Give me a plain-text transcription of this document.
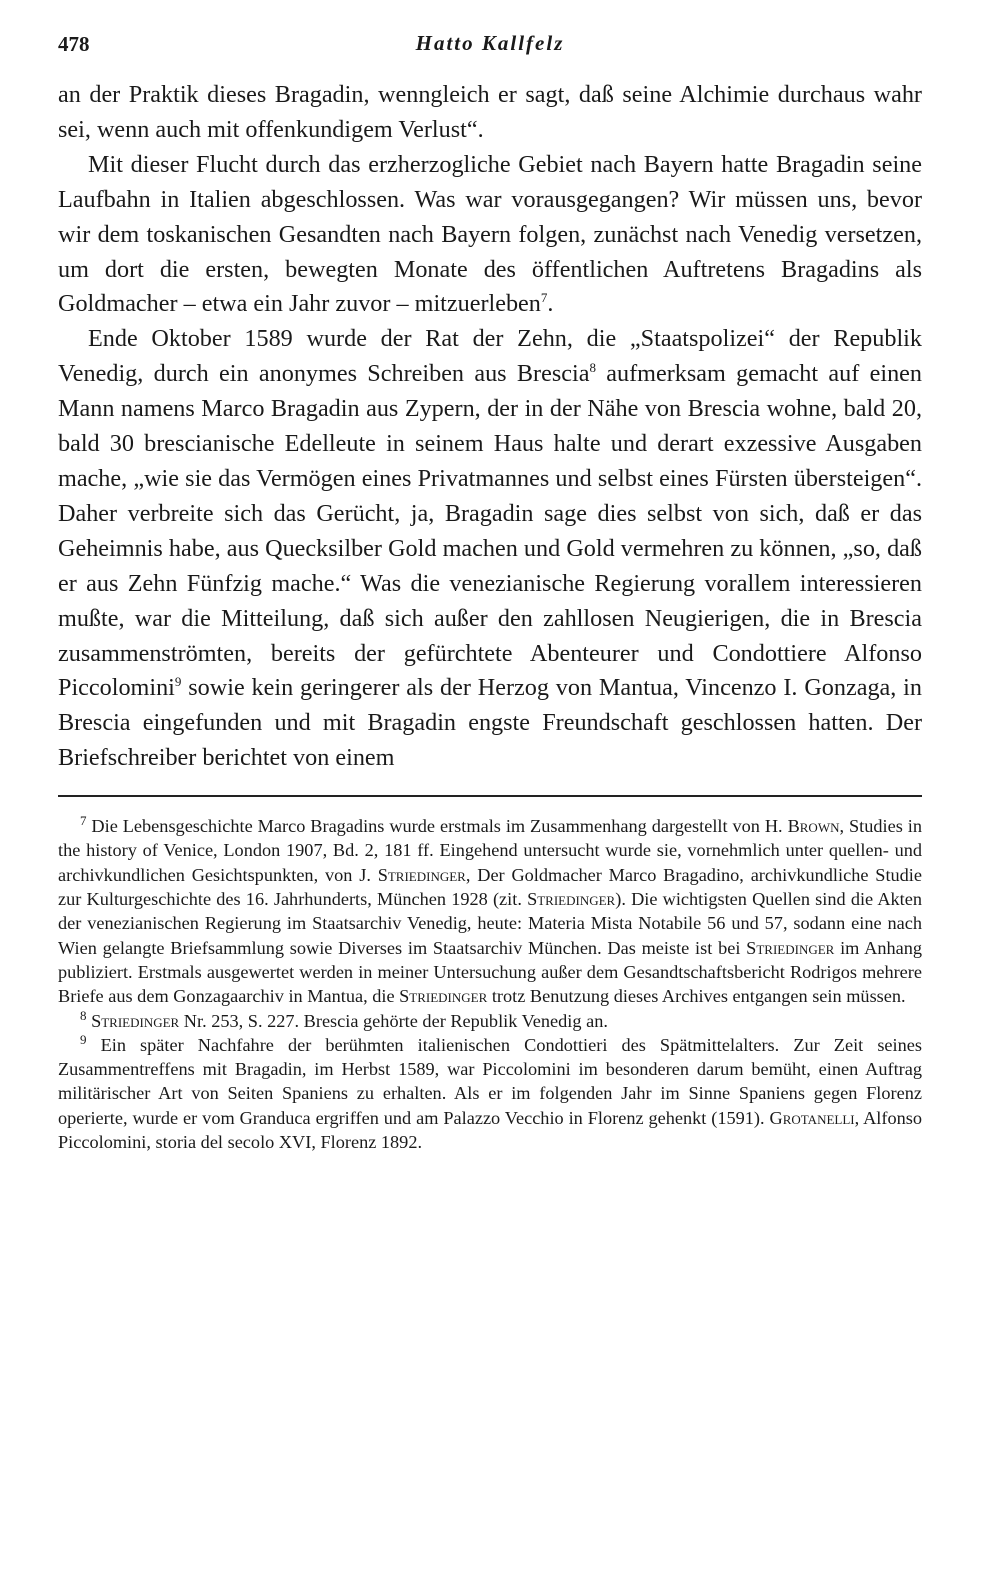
478	Hatto Kallfelz

an der Praktik dieses Bragadin, wenngleich er sagt, daß seine Alchimie durchaus wahr sei, wenn auch mit offenkundigem Verlust“.

Mit dieser Flucht durch das erzherzogliche Gebiet nach Bayern hatte Bragadin seine Laufbahn in Italien abgeschlossen. Was war vorausgegangen? Wir müssen uns, bevor wir dem toskanischen Gesandten nach Bayern folgen, zunächst nach Venedig versetzen, um dort die ersten, bewegten Monate des öffentlichen Auftretens Bragadins als Goldmacher – etwa ein Jahr zuvor – mitzuerleben$^7$.

Ende Oktober 1589 wurde der Rat der Zehn, die „Staatspolizei“ der Republik Venedig, durch ein anonymes Schreiben aus Brescia$^8$ aufmerksam gemacht auf einen Mann namens Marco Bragadin aus Zypern, der in der Nähe von Brescia wohne, bald 20, bald 30 brescianische Edelleute in seinem Haus halte und derart exzessive Ausgaben mache, „wie sie das Vermögen eines Privatmannes und selbst eines Fürsten übersteigen“. Daher verbreite sich das Gerücht, ja, Bragadin sage dies selbst von sich, daß er das Geheimnis habe, aus Quecksilber Gold machen und Gold vermehren zu können, „so, daß er aus Zehn Fünfzig mache.“ Was die venezianische Regierung vorallem interessieren mußte, war die Mitteilung, daß sich außer den zahllosen Neugierigen, die in Brescia zusammenströmten, bereits der gefürchtete Abenteurer und Condottiere Alfonso Piccolomini$^9$ sowie kein geringerer als der Herzog von Mantua, Vincenzo I. Gonzaga, in Brescia eingefunden und mit Bragadin engste Freundschaft geschlossen hatten. Der Briefschreiber berichtet von einem

$^7$ Die Lebensgeschichte Marco Bragadins wurde erstmals im Zusammenhang dargestellt von H. Brown, Studies in the history of Venice, London 1907, Bd. 2, 181 ff. Eingehend untersucht wurde sie, vornehmlich unter quellen- und archivkundlichen Gesichtspunkten, von J. Striedinger, Der Goldmacher Marco Bragadino, archivkundliche Studie zur Kulturgeschichte des 16. Jahrhunderts, München 1928 (zit. Striedinger). Die wichtigsten Quellen sind die Akten der venezianischen Regierung im Staatsarchiv Venedig, heute: Materia Mista Notabile 56 und 57, sodann eine nach Wien gelangte Briefsammlung sowie Diverses im Staatsarchiv München. Das meiste ist bei Striedinger im Anhang publiziert. Erstmals ausgewertet werden in meiner Untersuchung außer dem Gesandtschaftsbericht Rodrigos mehrere Briefe aus dem Gonzagaarchiv in Mantua, die Striedinger trotz Benutzung dieses Archives entgangen sein müssen.

$^8$ Striedinger Nr. 253, S. 227. Brescia gehörte der Republik Venedig an.

$^9$ Ein später Nachfahre der berühmten italienischen Condottieri des Spätmittelalters. Zur Zeit seines Zusammentreffens mit Bragadin, im Herbst 1589, war Piccolomini im besonderen darum bemüht, einen Auftrag militärischer Art von Seiten Spaniens zu erhalten. Als er im folgenden Jahr im Sinne Spaniens gegen Florenz operierte, wurde er vom Granduca ergriffen und am Palazzo Vecchio in Florenz gehenkt (1591). Grotanelli, Alfonso Piccolomini, storia del secolo XVI, Florenz 1892.
